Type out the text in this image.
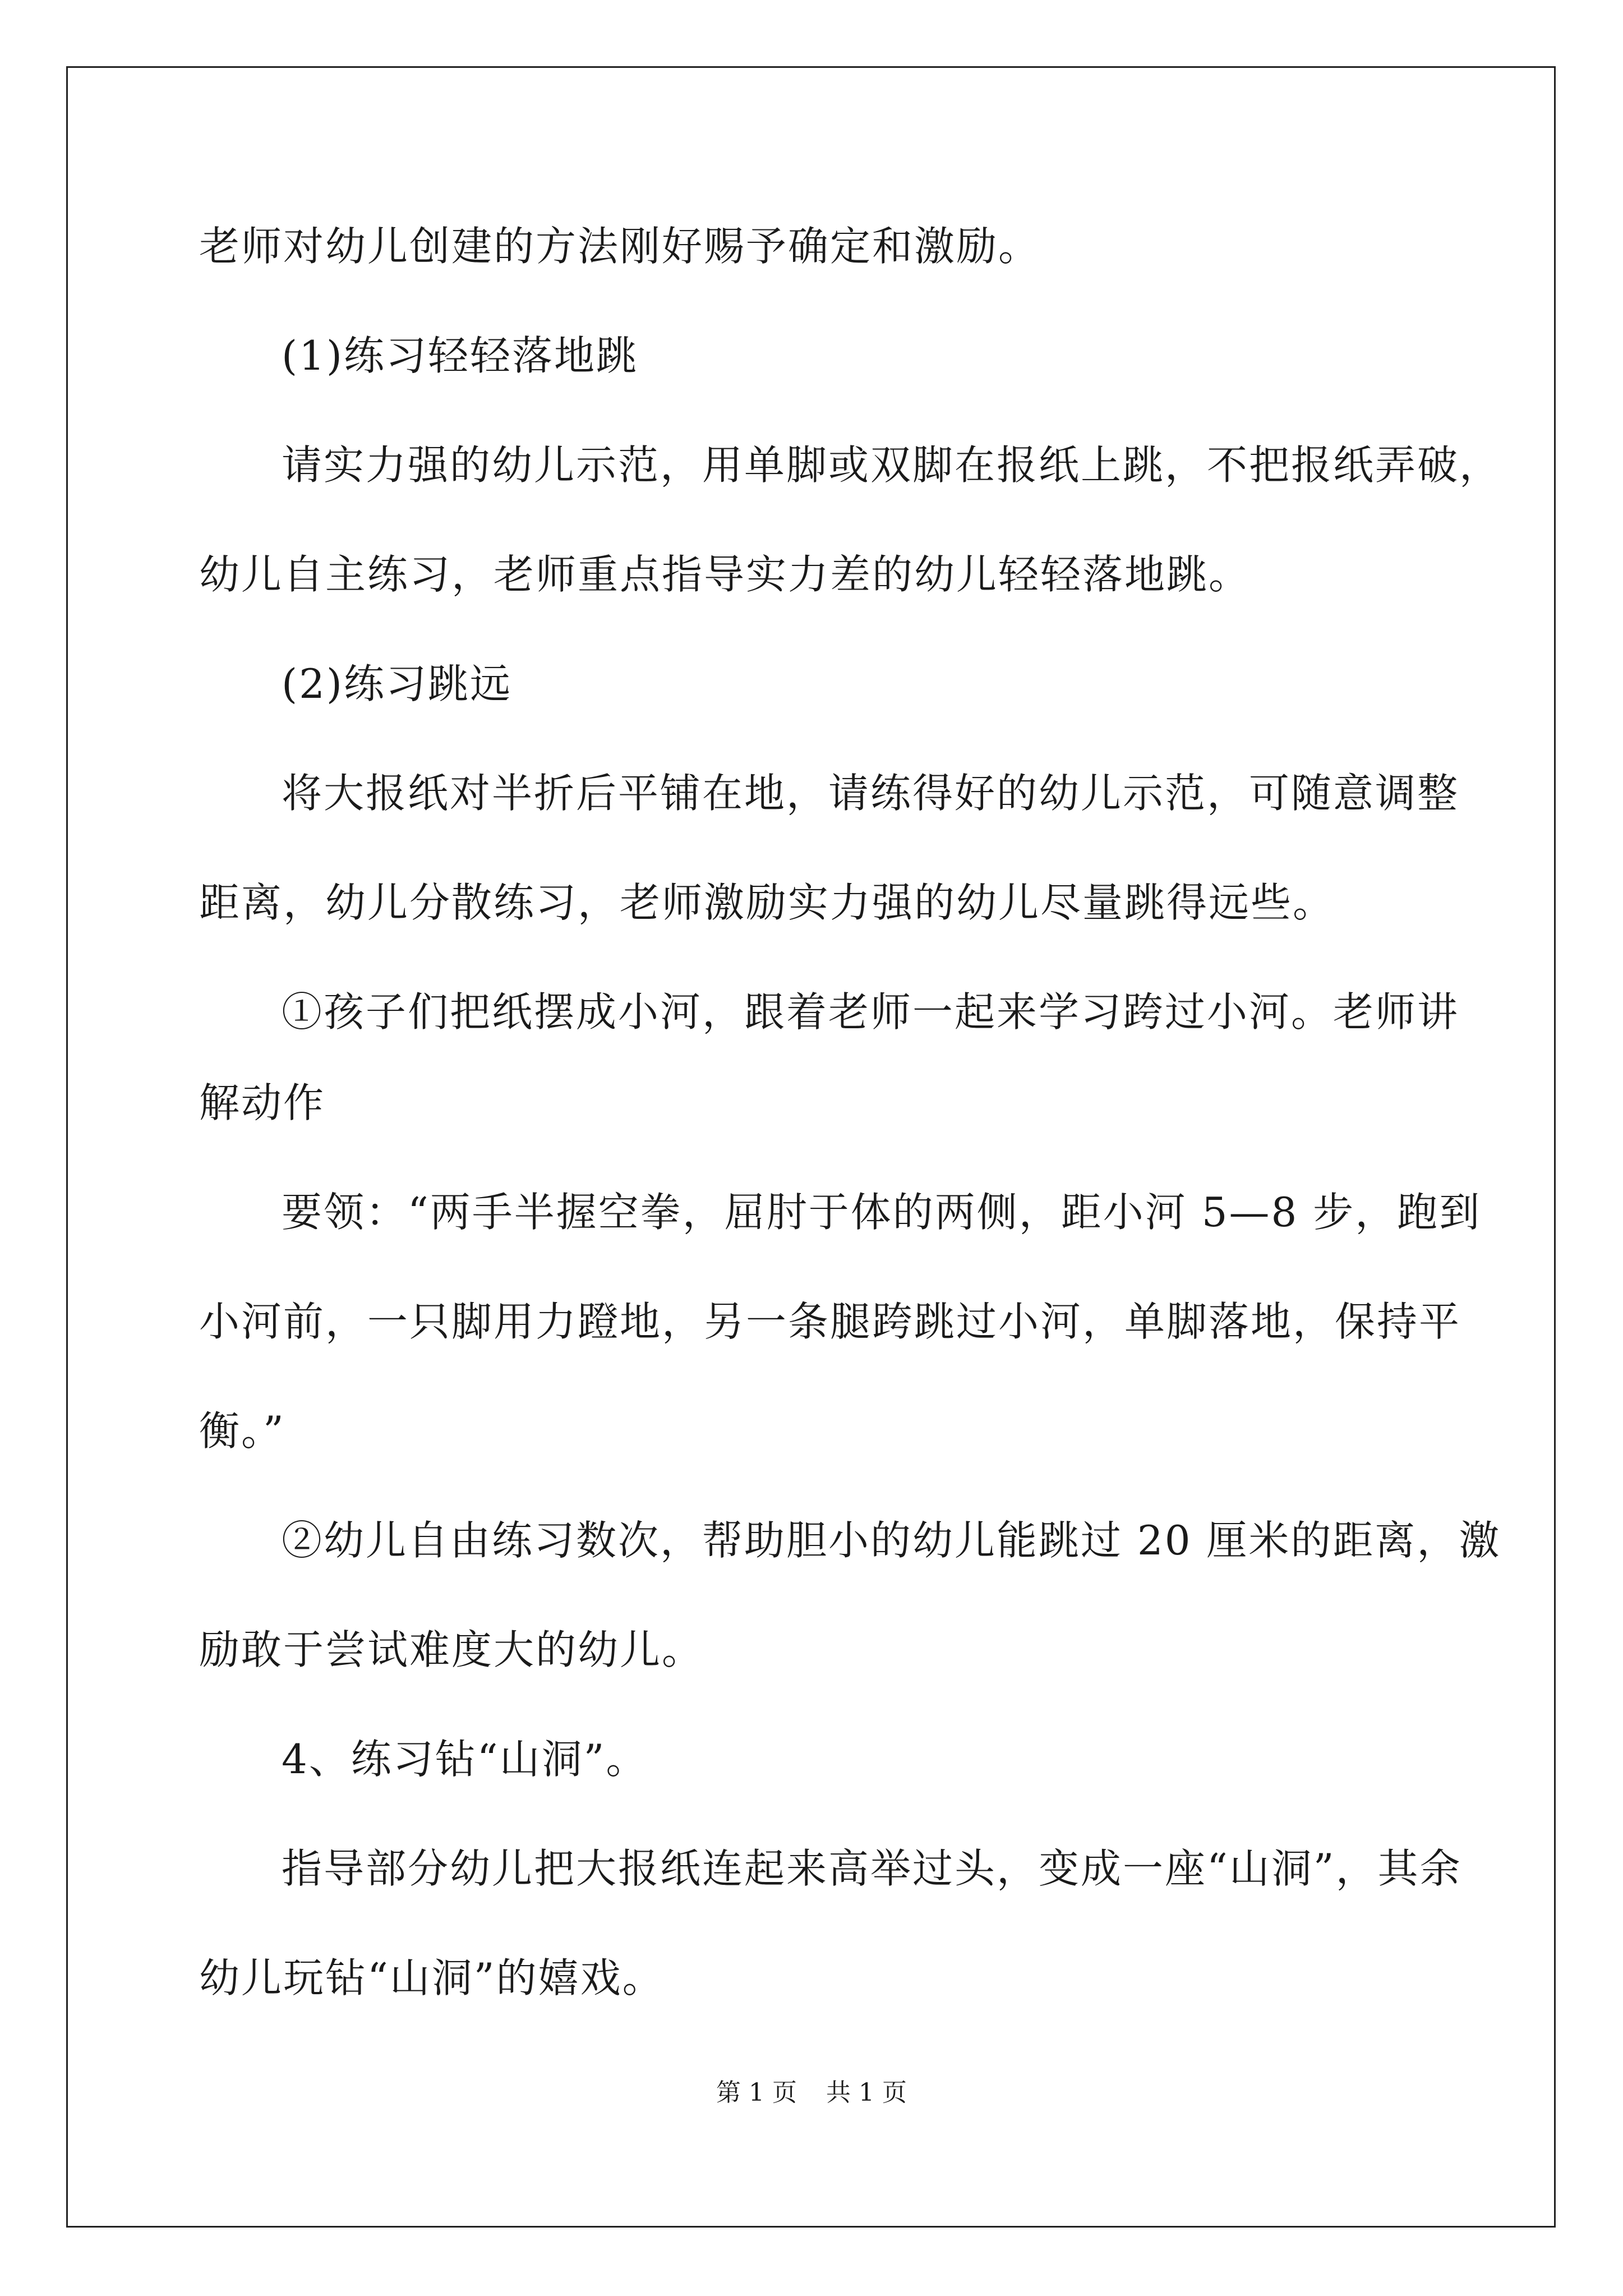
老师对幼儿创建的方法刚好赐予确定和激励。
(1)练习轻轻落地跳
请实力强的幼儿示范，用单脚或双脚在报纸上跳，不把报纸弄破，
幼儿自主练习，老师重点指导实力差的幼儿轻轻落地跳。
(2)练习跳远
将大报纸对半折后平铺在地，请练得好的幼儿示范，可随意调整
距离，幼儿分散练习，老师激励实力强的幼儿尽量跳得远些。
①孩子们把纸摆成小河，跟着老师一起来学习跨过小河。老师讲
解动作
要领：“两手半握空拳，屈肘于体的两侧，距小河 5—8 步，跑到
小河前，一只脚用力蹬地，另一条腿跨跳过小河，单脚落地，保持平
衡。”
②幼儿自由练习数次，帮助胆小的幼儿能跳过 20 厘米的距离，激
励敢于尝试难度大的幼儿。
4、练习钻“山洞”。
指导部分幼儿把大报纸连起来高举过头，变成一座“山洞”，其余
幼儿玩钻“山洞”的嬉戏。
第 1 页 共 1 页
